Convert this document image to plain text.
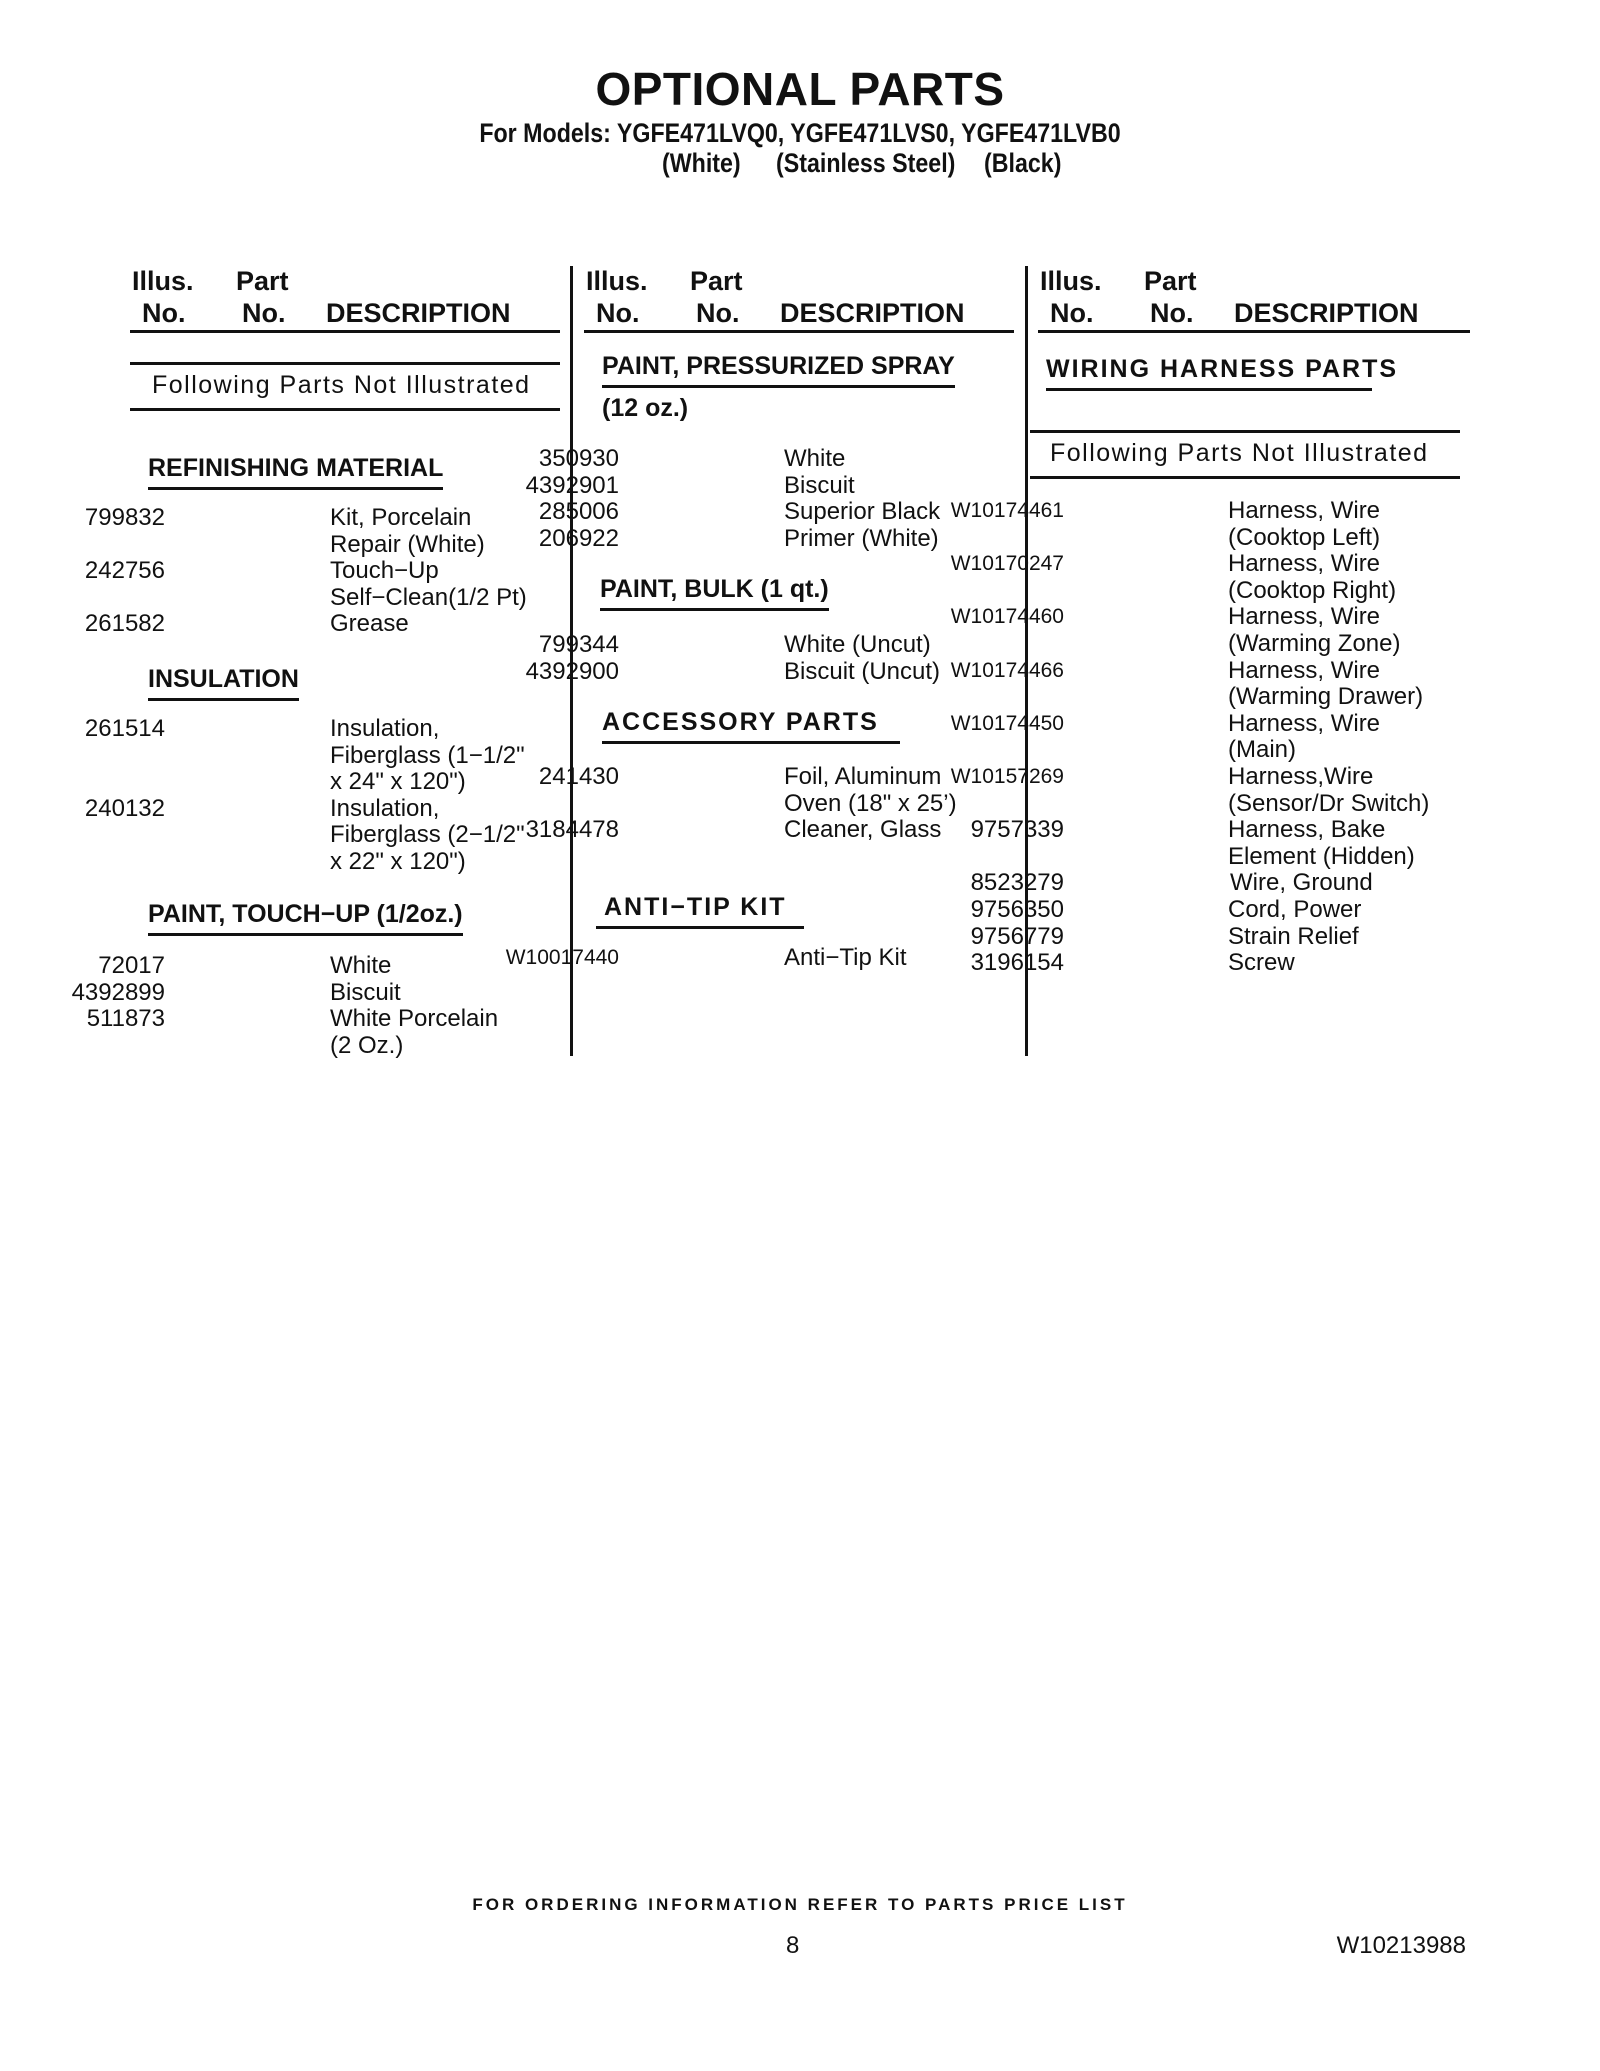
OPTIONAL PARTS
For Models: YGFE471LVQ0, YGFE471LVS0, YGFE471LVB0
(White) (Stainless Steel) (Black)
Illus. Part
No. No. DESCRIPTION
Illus. Part
No. No. DESCRIPTION
Illus. Part
No. No. DESCRIPTION
Following Parts Not Illustrated
REFINISHING MATERIAL
799832	Kit, Porcelain
Repair (White)
242756	Touch−Up
Self−Clean(1/2 Pt)
261582	Grease
INSULATION
261514	Insulation,
Fiberglass (1−1/2"
x 24" x 120")
240132	Insulation,
Fiberglass (2−1/2"
x 22" x 120")
PAINT, TOUCH−UP (1/2oz.)
72017	White
4392899	Biscuit
511873	White Porcelain
(2 Oz.)
PAINT, PRESSURIZED SPRAY
(12 oz.)
350930	White
4392901	Biscuit
285006	Superior Black
206922	Primer (White)
PAINT, BULK (1 qt.)
799344	White (Uncut)
4392900	Biscuit (Uncut)
ACCESSORY PARTS
241430	Foil, Aluminum
Oven (18" x 25’)
3184478	Cleaner, Glass
ANTI−TIP KIT
W10017440	Anti−Tip Kit
WIRING HARNESS PARTS
Following Parts Not Illustrated
W10174461	Harness, Wire
(Cooktop Left)
W10170247	Harness, Wire
(Cooktop Right)
W10174460	Harness, Wire
(Warming Zone)
W10174466	Harness, Wire
(Warming Drawer)
W10174450	Harness, Wire
(Main)
W10157269	Harness,Wire
(Sensor/Dr Switch)
9757339	Harness, Bake
Element (Hidden)
8523279	Wire, Ground
9756350	Cord, Power
9756779	Strain Relief
3196154	Screw
FOR ORDERING INFORMATION REFER TO PARTS PRICE LIST
8	W10213988
